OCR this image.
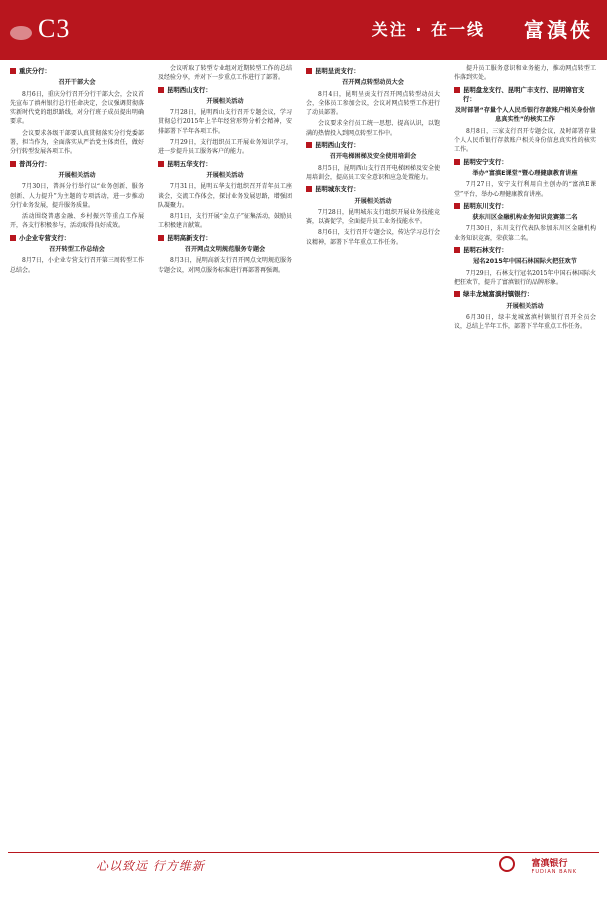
C3	关注 · 在一线 富滇侠
重庆分行：
召开干部大会

8月6日，重庆分行召开分行干部大会，会议首先宣布了滇州银行总行任命决定，会议强调贯彻落实新时代党的组织路线，对分行班子成员提出明确要求。

会议要求各级干部要认真贯彻落实分行党委部署，担当作为，全面落实从严治党主体责任，做好分行转型发展各项工作。

普洱分行：
开展相关活动

7月30日，普洱分行举行以“业务创新、服务创新、人力提升”为主题的专项活动，进一步推动分行业务发展，提升服务质量。

活动围绕普惠金融、乡村振兴等重点工作展开，各支行积极参与，活动取得良好成效。

小企业专营支行：
召开转型工作总结会

8月7日，小企业专营支行召开第三周转型工作总结会。

会议听取了转型专业组对近期转型工作的总结及经验分享，并对下一步重点工作进行了部署。

昆明西山支行：
开展相关活动

7月28日，昆明西山支行召开专题会议，学习贯彻总行2015年上半年经营形势分析会精神，安排部署下半年各项工作。

7月29日，支行组织员工开展业务知识学习，进一步提升员工服务客户的能力。

昆明五华支行：
开展相关活动

7月31日，昆明五华支行组织召开青年员工座谈会，交流工作体会，探讨业务发展思路，增强团队凝聚力。

8月1日，支行开展“金点子”征集活动，鼓励员工积极建言献策。

昆明高新支行：
召开网点文明规范服务专题会

8月3日，昆明高新支行召开网点文明规范服务专题会议，对网点服务标准进行再部署再强调。

昆明呈贡支行：
召开网点转型动员大会

8月4日，昆明呈贡支行召开网点转型动员大会，全体员工参加会议，会议对网点转型工作进行了动员部署。

会议要求全行员工统一思想、提高认识，以饱满的热情投入到网点转型工作中。

昆明西山支行：
召开电梯困梯及安全使用培训会

8月5日，昆明西山支行召开电梯困梯及安全使用培训会，提高员工安全意识和应急处置能力。

昆明城东支行：
开展相关活动

7月28日，昆明城东支行组织开展业务技能竞赛，以赛促学，全面提升员工业务技能水平。

8月6日，支行召开专题会议，传达学习总行会议精神，部署下半年重点工作任务。

提升员工服务意识和业务能力，推动网点转型工作落到实处。

昆明盘龙支行、昆明广丰支行、昆明锦官支行：
及时部署“存量个人人民币银行存款账户相关身份信息真实性”的核实工作

8月8日，三家支行召开专题会议，及时部署存量个人人民币银行存款账户相关身份信息真实性的核实工作。

昆明安宁支行：
举办“富滇E课堂”暨心理健康教育讲座

7月27日，安宁支行利用自主创办的“富滇E课堂”平台，举办心理健康教育讲座。

昆明东川支行：
获东川区金融机构业务知识竞赛第二名

7月30日，东川支行代表队参加东川区金融机构业务知识竞赛，荣获第二名。

昆明石林支行：
冠名2015年中国石林国际火把狂欢节

7月29日，石林支行冠名2015年中国石林国际火把狂欢节，提升了富滇银行的品牌形象。

绿丰龙城富滇村镇银行：
开展相关活动

6月30日，绿丰龙城富滇村镇银行召开全员会议，总结上半年工作，部署下半年重点工作任务。

心以致远 行方维新	富滇银行
FUDIAN BANK
